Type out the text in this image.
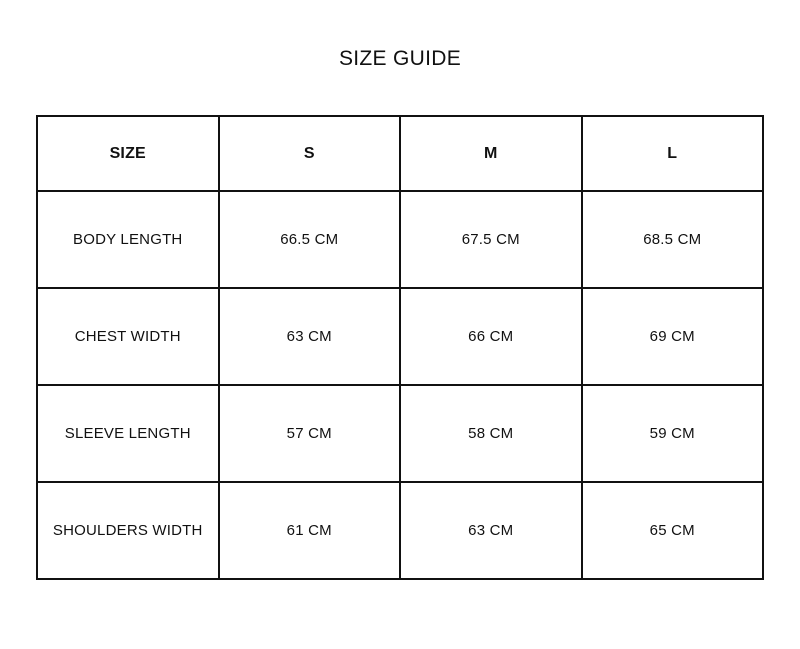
SIZE GUIDE
SIZE	S	M	L
BODY LENGTH	66.5 CM	67.5 CM	68.5 CM
CHEST WIDTH	63 CM	66 CM	69 CM
SLEEVE LENGTH	57 CM	58 CM	59 CM
SHOULDERS WIDTH	61 CM	63 CM	65 CM
